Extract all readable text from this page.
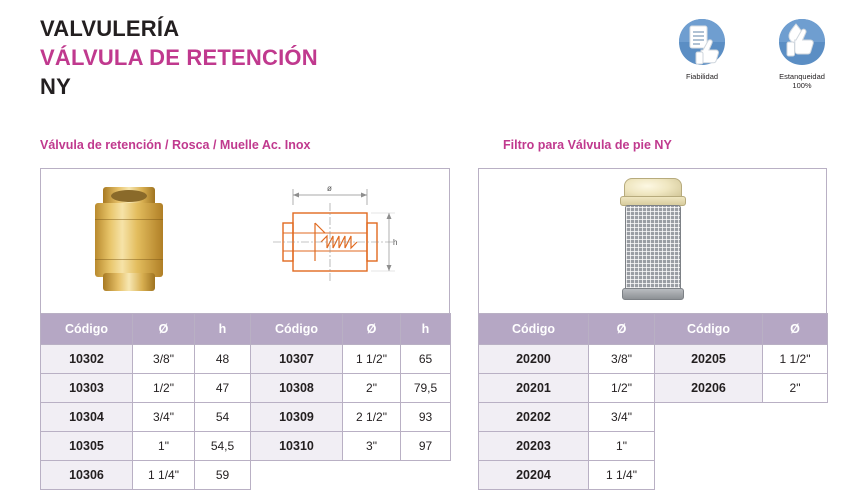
VALVULERÍA
VÁLVULA DE RETENCIÓN
NY	Fiabilidad	Estanqueidad
100%
Válvula de retención / Rosca / Muelle Ac. Inox	Filtro para Válvula de pie NY
ø
h
Código	Ø	h	Código	Ø	h
10302	3/8"	48	10307	1 1/2"	65
10303	1/2"	47	10308	2"	79,5
10304	3/4"	54	10309	2 1/2"	93
10305	1"	54,5	10310	3"	97
10306	1 1/4"	59			
Código	Ø	Código	Ø
20200	3/8"	20205	1 1/2"
20201	1/2"	20206	2"
20202	3/4"		
20203	1"		
20204	1 1/4"		
